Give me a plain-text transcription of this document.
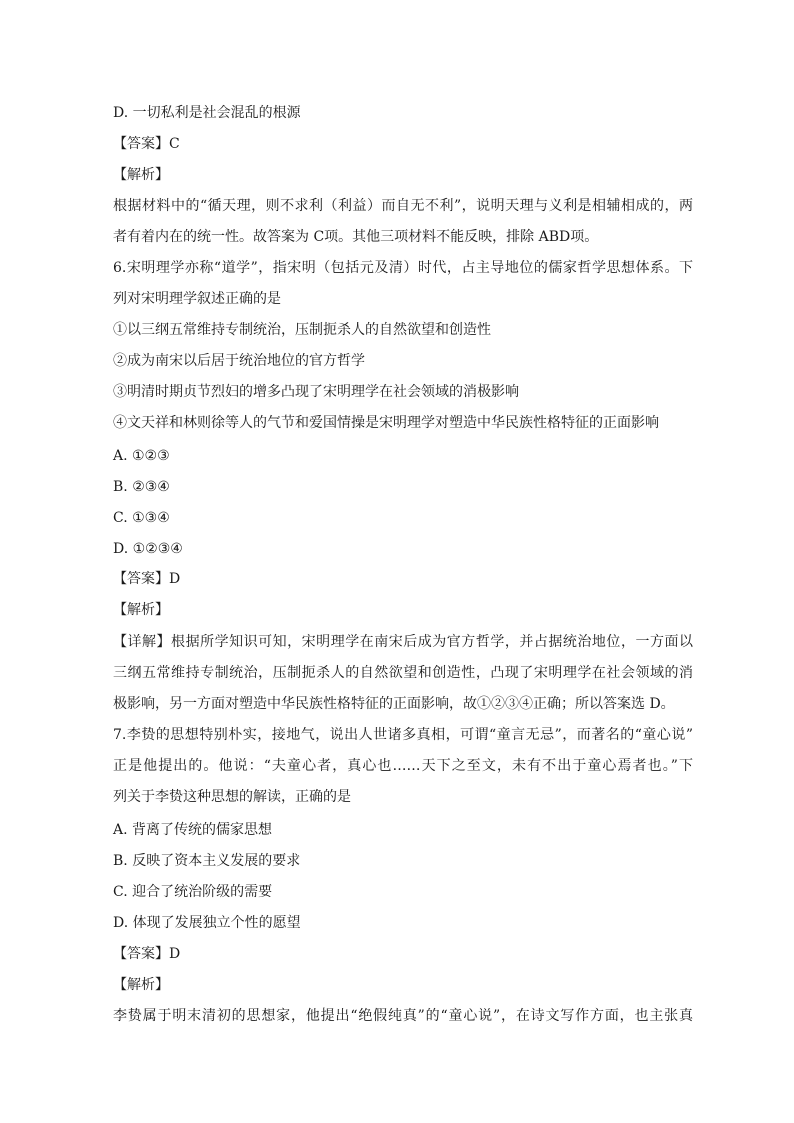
D. 一切私利是社会混乱的根源
【答案】C
【解析】
根据材料中的“循天理，则不求利（利益）而自无不利”，说明天理与义利是相辅相成的，两
者有着内在的统一性。故答案为 C项。其他三项材料不能反映，排除 ABD项。
6.宋明理学亦称“道学”，指宋明（包括元及清）时代，占主导地位的儒家哲学思想体系。下
列对宋明理学叙述正确的是
①以三纲五常维持专制统治，压制扼杀人的自然欲望和创造性
②成为南宋以后居于统治地位的官方哲学
③明清时期贞节烈妇的增多凸现了宋明理学在社会领域的消极影响
④文天祥和林则徐等人的气节和爱国情操是宋明理学对塑造中华民族性格特征的正面影响
A. ①②③
B. ②③④
C. ①③④
D. ①②③④
【答案】D
【解析】
【详解】根据所学知识可知，宋明理学在南宋后成为官方哲学，并占据统治地位，一方面以
三纲五常维持专制统治，压制扼杀人的自然欲望和创造性，凸现了宋明理学在社会领域的消
极影响，另一方面对塑造中华民族性格特征的正面影响，故①②③④正确；所以答案选 D。
7.李贽的思想特别朴实，接地气，说出人世诸多真相，可谓“童言无忌”，而著名的“童心说”
正是他提出的。他说：“夫童心者，真心也……天下之至文，未有不出于童心焉者也。”下
列关于李贽这种思想的解读，正确的是
A. 背离了传统的儒家思想
B. 反映了资本主义发展的要求
C. 迎合了统治阶级的需要
D. 体现了发展独立个性的愿望
【答案】D
【解析】
李贽属于明末清初的思想家，他提出“绝假纯真”的“童心说”，在诗文写作方面，也主张真
